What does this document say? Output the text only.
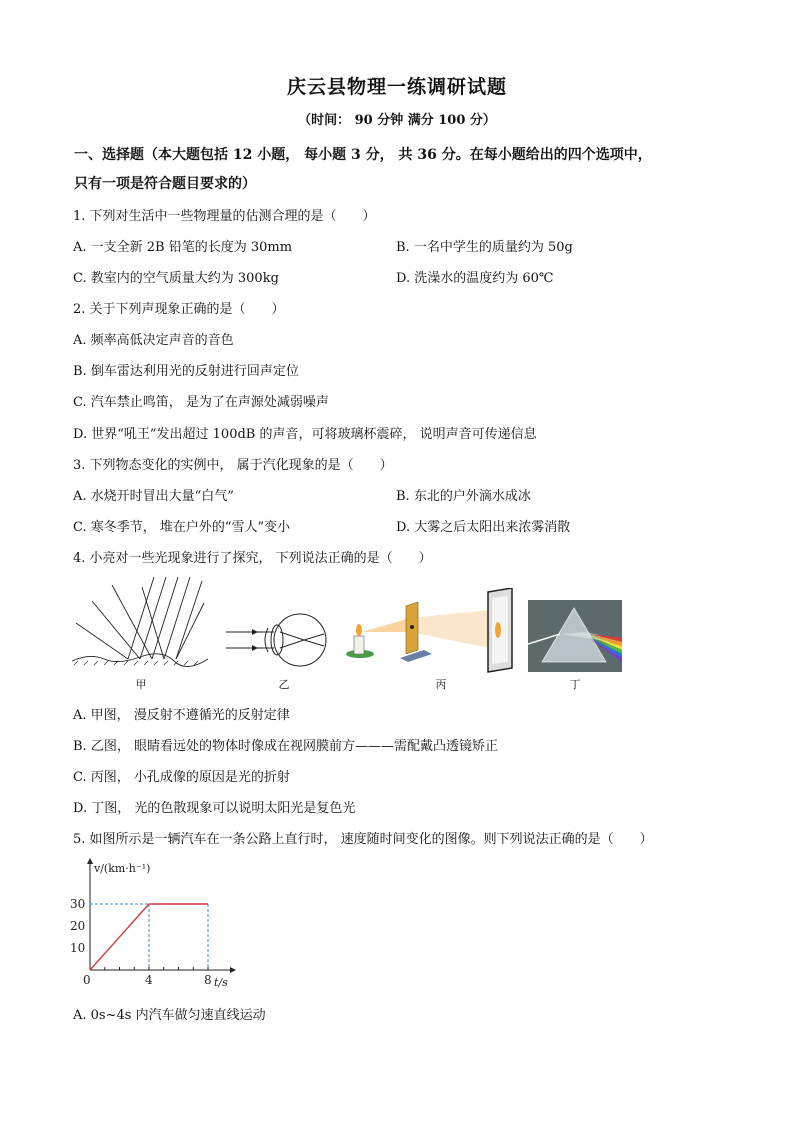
庆云县物理一练调研试题
（时间： 90 分钟 满分 100 分）
一、选择题（本大题包括 12 小题， 每小题 3 分， 共 36 分。在每小题给出的四个选项中，
只有一项是符合题目要求的）
1. 下列对生活中一些物理量的估测合理的是（　　）
A. 一支全新 2B 铅笔的长度为 30mm	B. 一名中学生的质量约为 50g
C. 教室内的空气质量大约为 300kg	D. 洗澡水的温度约为 60℃
2. 关于下列声现象正确的是（　　）
A. 频率高低决定声音的音色
B. 倒车雷达利用光的反射进行回声定位
C. 汽车禁止鸣笛， 是为了在声源处减弱噪声
D. 世界“吼王”发出超过 100dB 的声音，可将玻璃杯震碎， 说明声音可传递信息
3. 下列物态变化的实例中， 属于汽化现象的是（　　）
A. 水烧开时冒出大量“白气”	B. 东北的户外滴水成冰
C. 寒冬季节， 堆在户外的“雪人”变小	D. 大雾之后太阳出来浓雾消散
4. 小亮对一些光现象进行了探究， 下列说法正确的是（　　）
甲	乙	丙	丁
A. 甲图， 漫反射不遵循光的反射定律
B. 乙图， 眼睛看远处的物体时像成在视网膜前方———需配戴凸透镜矫正
C. 丙图， 小孔成像的原因是光的折射
D. 丁图， 光的色散现象可以说明太阳光是复色光
5. 如图所示是一辆汽车在一条公路上直行时， 速度随时间变化的图像。则下列说法正确的是（　　）
v/(km·h⁻¹)
t/s
0	4	8
10
20
30
A. 0s~4s 内汽车做匀速直线运动
